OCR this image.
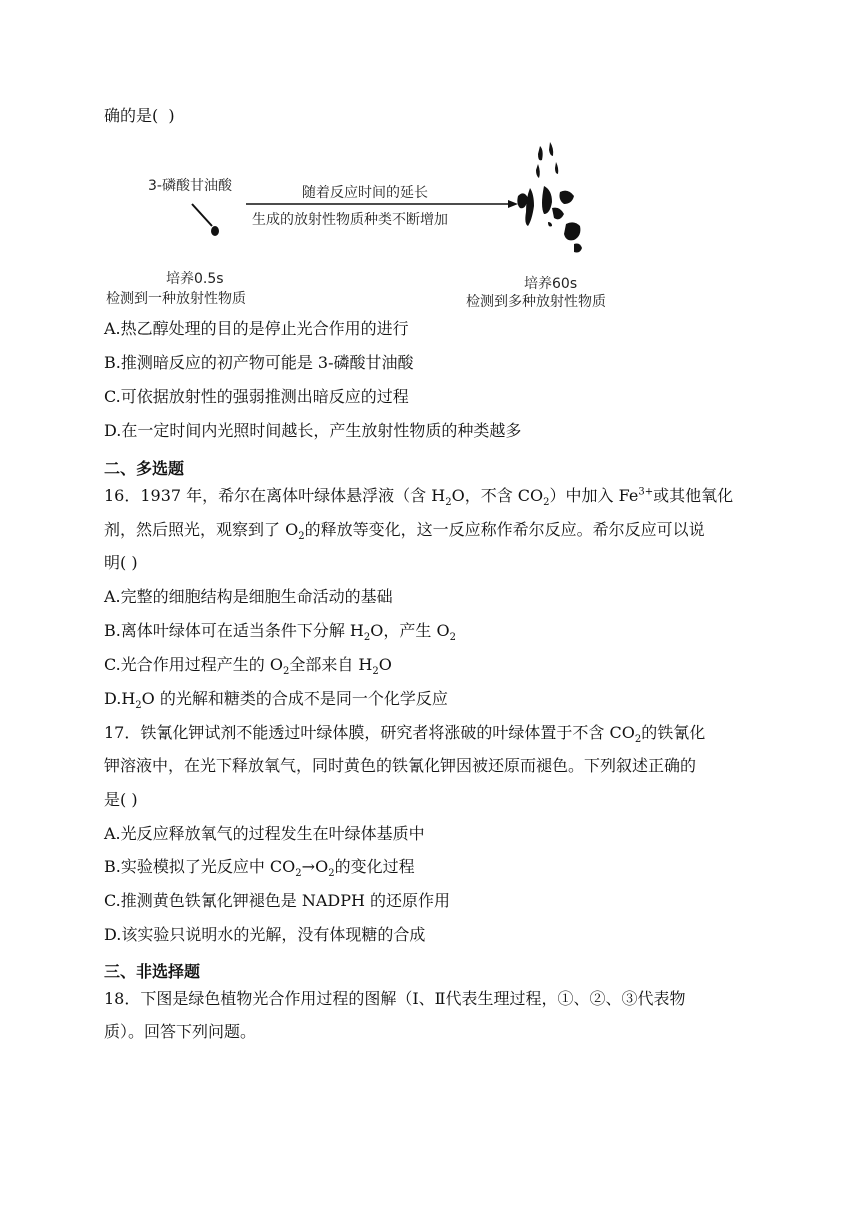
确的是( )
3-磷酸甘油酸	随着反应时间的延长
生成的放射性物质种类不断增加
培养0.5s
检测到一种放射性物质
培养60s
检测到多种放射性物质
A.热乙醇处理的目的是停止光合作用的进行
B.推测暗反应的初产物可能是 3-磷酸甘油酸
C.可依据放射性的强弱推测出暗反应的过程
D.在一定时间内光照时间越长，产生放射性物质的种类越多
二、多选题
16．1937 年，希尔在离体叶绿体悬浮液（含 $H_2O$，不含 $CO_2$）中加入 $Fe^{3+}$或其他氧化
剂，然后照光，观察到了 $O_2$的释放等变化，这一反应称作希尔反应。希尔反应可以说
明( )
A.完整的细胞结构是细胞生命活动的基础
B.离体叶绿体可在适当条件下分解 $H_2O$，产生 $O_2$
C.光合作用过程产生的 $O_2$全部来自 $H_2O$
$D.H_2O$ 的光解和糖类的合成不是同一个化学反应
17．铁氰化钾试剂不能透过叶绿体膜，研究者将涨破的叶绿体置于不含 $CO_2$的铁氰化
钾溶液中，在光下释放氧气，同时黄色的铁氰化钾因被还原而褪色。下列叙述正确的
是( )
A.光反应释放氧气的过程发生在叶绿体基质中
B.实验模拟了光反应中 $CO_2\to O_2$的变化过程
C.推测黄色铁氰化钾褪色是 NADPH 的还原作用
D.该实验只说明水的光解，没有体现糖的合成
三、非选择题
18．下图是绿色植物光合作用过程的图解（Ⅰ、Ⅱ代表生理过程，①、②、③代表物
质）。回答下列问题。
